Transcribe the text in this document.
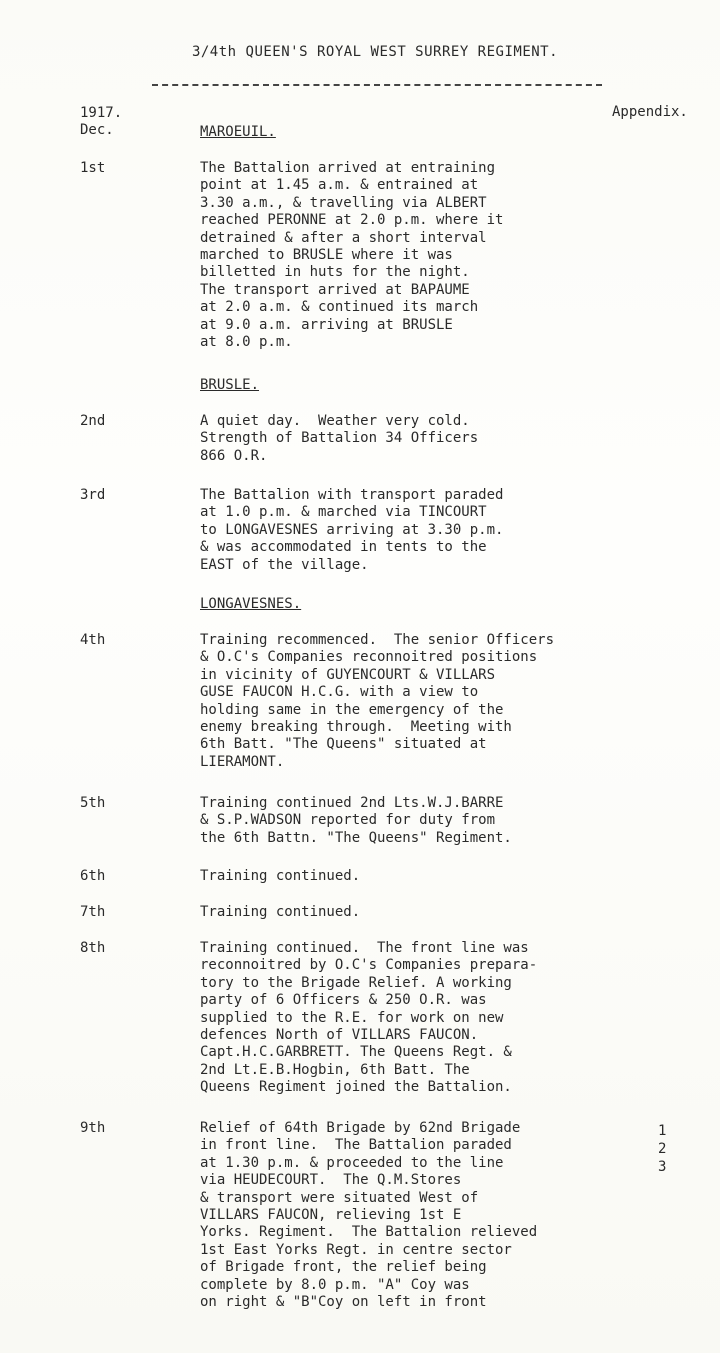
3/4th QUEEN'S ROYAL WEST SURREY REGIMENT.
1917.
Dec.
Appendix.
MAROEUIL.
1st	The Battalion arrived at entraining
point at 1.45 a.m. & entrained at
3.30 a.m., & travelling via ALBERT
reached PERONNE at 2.0 p.m. where it
detrained & after a short interval
marched to BRUSLE where it was
billetted in huts for the night.
The transport arrived at BAPAUME
at 2.0 a.m. & continued its march
at 9.0 a.m. arriving at BRUSLE
at 8.0 p.m.
BRUSLE.
2nd	A quiet day.  Weather very cold.
Strength of Battalion 34 Officers
866 O.R.
3rd	The Battalion with transport paraded
at 1.0 p.m. & marched via TINCOURT
to LONGAVESNES arriving at 3.30 p.m.
& was accommodated in tents to the
EAST of the village.
LONGAVESNES.
4th	Training recommenced.  The senior Officers
& O.C's Companies reconnoitred positions
in vicinity of GUYENCOURT & VILLARS
GUSE FAUCON H.C.G. with a view to
holding same in the emergency of the
enemy breaking through.  Meeting with
6th Batt. "The Queens" situated at
LIERAMONT.
5th	Training continued 2nd Lts.W.J.BARRE
& S.P.WADSON reported for duty from
the 6th Battn. "The Queens" Regiment.
6th	Training continued.
7th	Training continued.
8th	Training continued.  The front line was
reconnoitred by O.C's Companies prepara-
tory to the Brigade Relief. A working
party of 6 Officers & 250 O.R. was
supplied to the R.E. for work on new
defences North of VILLARS FAUCON.
Capt.H.C.GARBRETT. The Queens Regt. &
2nd Lt.E.B.Hogbin, 6th Batt. The
Queens Regiment joined the Battalion.
9th	Relief of 64th Brigade by 62nd Brigade
in front line.  The Battalion paraded
at 1.30 p.m. & proceeded to the line
via HEUDECOURT.  The Q.M.Stores
& transport were situated West of
VILLARS FAUCON, relieving 1st E
Yorks. Regiment.  The Battalion relieved
1st East Yorks Regt. in centre sector
of Brigade front, the relief being
complete by 8.0 p.m. "A" Coy was
on right & "B"Coy on left in front
1
2
3
